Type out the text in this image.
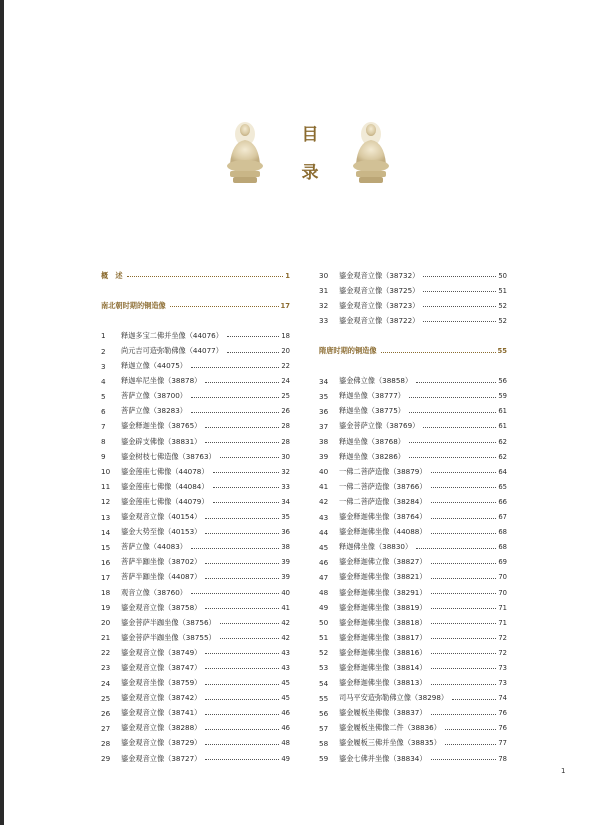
目
录
概　述	1
南北朝时期的铜造像	17
1	释迦多宝二佛并坐像（44076）	18
2	尚元吉可造弥勒佛像（44077）	20
3	释迦立像（44075）	22
4	释迦牟尼坐像（38878）	24
5	菩萨立像（38700）	25
6	菩萨立像（38283）	26
7	鎏金释迦坐像（38765）	28
8	鎏金辟支佛像（38831）	28
9	鎏金树枝七佛造像（38763）	30
10	鎏金莲座七佛像（44078）	32
11	鎏金莲座七佛像（44084）	33
12	鎏金莲座七佛像（44079）	34
13	鎏金观音立像（40154）	35
14	鎏金大势至像（40153）	36
15	菩萨立像（44083）	38
16	菩萨半跏坐像（38702）	39
17	菩萨半跏坐像（44087）	39
18	观音立像（38760）	40
19	鎏金观音立像（38758）	41
20	鎏金菩萨半跏坐像（38756）	42
21	鎏金菩萨半跏坐像（38755）	42
22	鎏金观音立像（38749）	43
23	鎏金观音立像（38747）	43
24	鎏金观音坐像（38759）	45
25	鎏金观音立像（38742）	45
26	鎏金观音立像（38741）	46
27	鎏金观音立像（38288）	46
28	鎏金观音立像（38729）	48
29	鎏金观音立像（38727）	49
30	鎏金观音立像（38732）	50
31	鎏金观音立像（38725）	51
32	鎏金观音立像（38723）	52
33	鎏金观音立像（38722）	52
隋唐时期的铜造像	55
34	鎏金佛立像（38858）	56
35	释迦坐像（38777）	59
36	释迦坐像（38775）	61
37	鎏金菩萨立像（38769）	61
38	释迦坐像（38768）	62
39	释迦坐像（38286）	62
40	一佛二菩萨造像（38879）	64
41	一佛二菩萨造像（38766）	65
42	一佛二菩萨造像（38284）	66
43	鎏金释迦佛坐像（38764）	67
44	鎏金释迦佛坐像（44088）	68
45	释迦佛坐像（38830）	68
46	鎏金释迦佛立像（38827）	69
47	鎏金释迦佛坐像（38821）	70
48	鎏金释迦佛坐像（38291）	70
49	鎏金释迦佛坐像（38819）	71
50	鎏金释迦佛坐像（38818）	71
51	鎏金释迦佛坐像（38817）	72
52	鎏金释迦佛坐像（38816）	72
53	鎏金释迦佛坐像（38814）	73
54	鎏金释迦佛坐像（38813）	73
55	司马平安造弥勒佛立像（38298）	74
56	鎏金履板坐佛像（38837）	76
57	鎏金履板坐佛像二件（38836）	76
58	鎏金履板三佛并坐像（38835）	77
59	鎏金七佛并坐像（38834）	78
1
